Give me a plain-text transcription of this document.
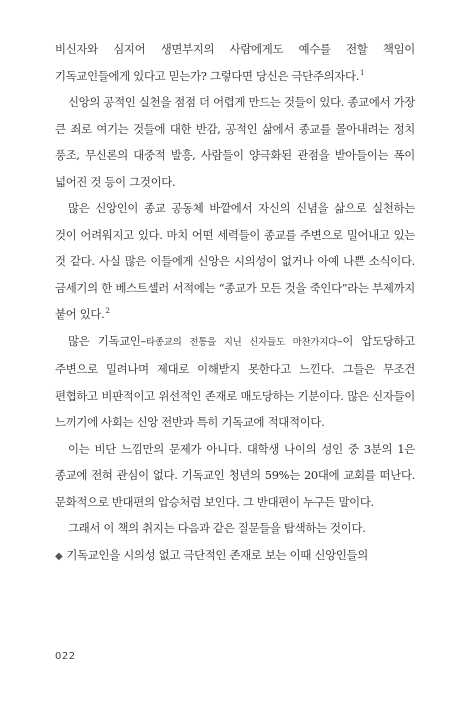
비신자와 심지어 생면부지의 사람에게도 예수를 전할 책임이 기독교인들에게 있다고 믿는가? 그렇다면 당신은 극단주의자다.$^1$

신앙의 공적인 실천을 점점 더 어렵게 만드는 것들이 있다. 종교에서 가장 큰 죄로 여기는 것들에 대한 반감, 공적인 삶에서 종교를 몰아내려는 정치 풍조, 무신론의 대중적 발흥, 사람들이 양극화된 관점을 받아들이는 폭이 넓어진 것 등이 그것이다.

많은 신앙인이 종교 공동체 바깥에서 자신의 신념을 삶으로 실천하는 것이 어려워지고 있다. 마치 어떤 세력들이 종교를 주변으로 밀어내고 있는 것 같다. 사실 많은 이들에게 신앙은 시의성이 없거나 아예 나쁜 소식이다. 금세기의 한 베스트셀러 서적에는 “종교가 모든 것을 죽인다”라는 부제까지 붙어 있다.$^2$

많은 기독교인–타종교의 전통을 지닌 신자들도 마찬가지다–이 압도당하고 주변으로 밀려나며 제대로 이해받지 못한다고 느낀다. 그들은 무조건 편협하고 비판적이고 위선적인 존재로 매도당하는 기분이다. 많은 신자들이 느끼기에 사회는 신앙 전반과 특히 기독교에 적대적이다.

이는 비단 느낌만의 문제가 아니다. 대학생 나이의 성인 중 3분의 1은 종교에 전혀 관심이 없다. 기독교인 청년의 59%는 20대에 교회를 떠난다. 문화적으로 반대편의 압승처럼 보인다. 그 반대편이 누구든 말이다.

그래서 이 책의 취지는 다음과 같은 질문들을 탐색하는 것이다.

◆ 기독교인을 시의성 없고 극단적인 존재로 보는 이때 신앙인들의
022
